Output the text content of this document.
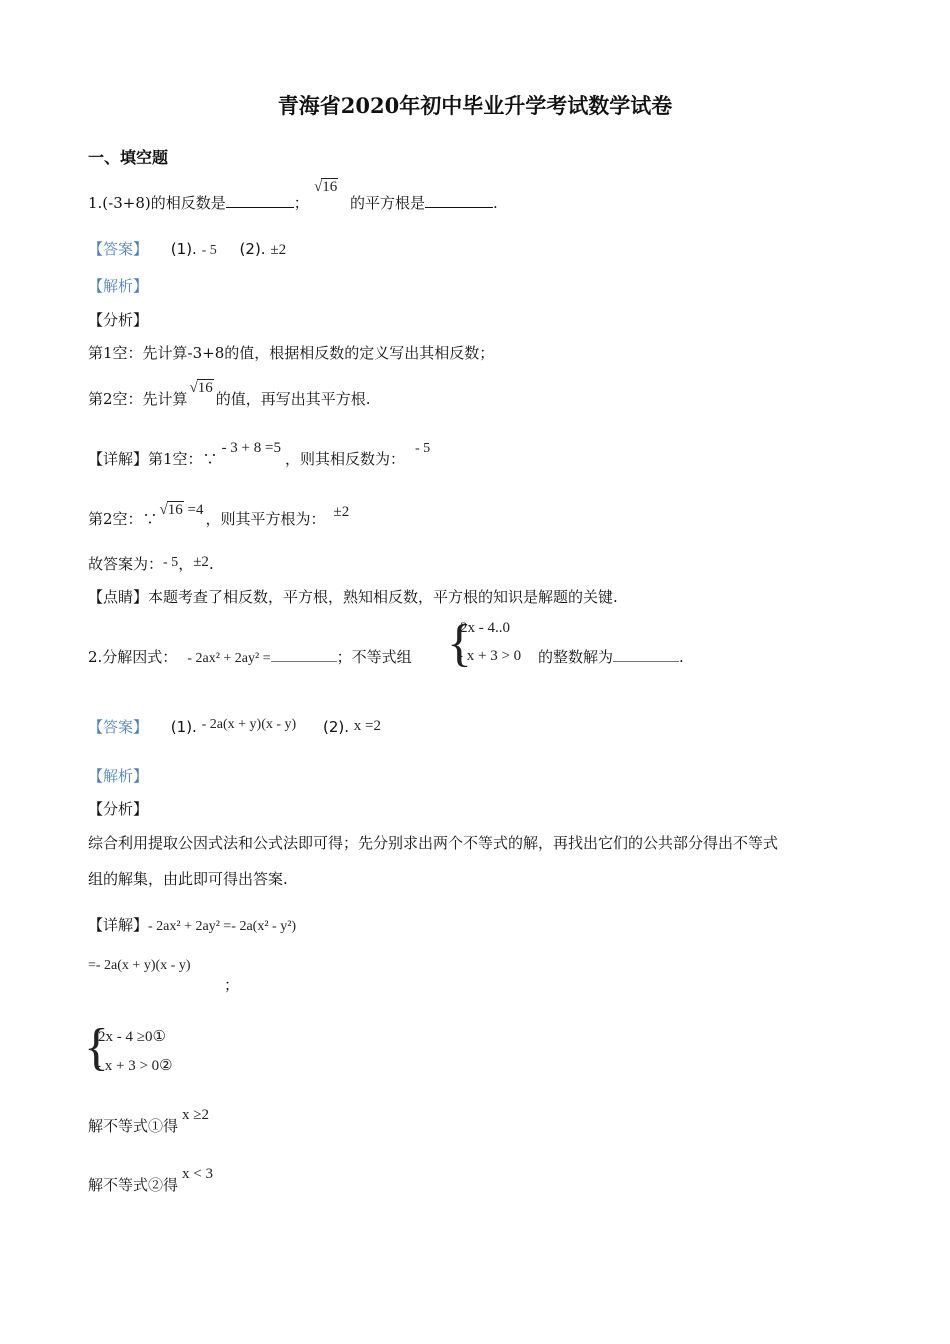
青海省2020年初中毕业升学考试数学试卷
一、填空题
1.(-3+8)的相反数是	；
√16
的平方根是	.
【答案】 (1). - 5 (2). ±2
【解析】
【分析】
第1空：先计算-3+8的值，根据相反数的定义写出其相反数；
第2空：先计算√16的值，再写出其平方根.
【详解】第1空：∵- 3 + 8 =5，则其相反数为：- 5
第2空：∵ √16 =4 ，则其平方根为： ±2
故答案为：- 5，±2.
【点睛】本题考查了相反数，平方根，熟知相反数，平方根的知识是解题的关键.
2.分解因式： - 2ax² + 2ay² =	；不等式组 {
2x - 4..0
- x + 3 > 0 的整数解为	.
【答案】 (1). - 2a(x + y)(x - y) (2). x =2
【解析】
【分析】
综合利用提取公因式法和公式法即可得；先分别求出两个不等式的解，再找出它们的公共部分得出不等式
组的解集，由此即可得出答案.
【详解】- 2ax² + 2ay² =- 2a(x² - y²)
=- 2a(x + y)(x - y)
；
{
2x - 4 ≥0①
- x + 3 > 0②
解不等式①得x ≥2
解不等式②得x < 3
